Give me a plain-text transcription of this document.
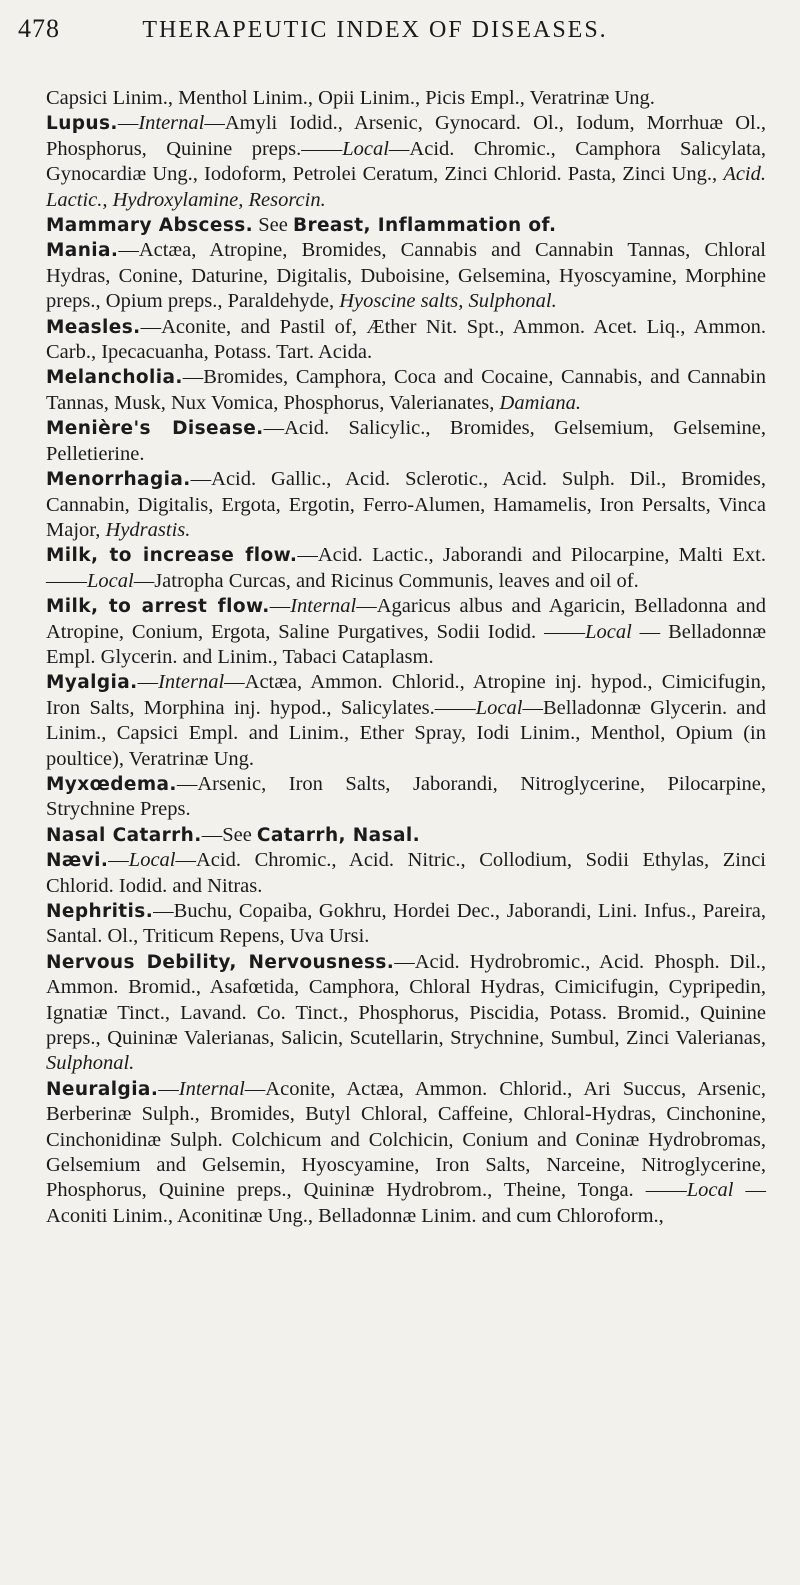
478	THERAPEUTIC INDEX OF DISEASES.

Capsici Linim., Menthol Linim., Opii Linim., Picis Empl., Veratrinæ Ung.

Lupus.—Internal—Amyli Iodid., Arsenic, Gynocard. Ol., Iodum, Morrhuæ Ol., Phosphorus, Quinine preps.——Local—Acid. Chromic., Camphora Salicylata, Gynocardiæ Ung., Iodoform, Petrolei Ceratum, Zinci Chlorid. Pasta, Zinci Ung., Acid. Lactic., Hydroxylamine, Resorcin.

Mammary Abscess. See Breast, Inflammation of.

Mania.—Actæa, Atropine, Bromides, Cannabis and Cannabin Tannas, Chloral Hydras, Conine, Daturine, Digitalis, Duboisine, Gelsemina, Hyoscyamine, Morphine preps., Opium preps., Paraldehyde, Hyoscine salts, Sulphonal.

Measles.—Aconite, and Pastil of, Æther Nit. Spt., Ammon. Acet. Liq., Ammon. Carb., Ipecacuanha, Potass. Tart. Acida.

Melancholia.—Bromides, Camphora, Coca and Cocaine, Cannabis, and Cannabin Tannas, Musk, Nux Vomica, Phosphorus, Valerianates, Damiana.

Menière's Disease.—Acid. Salicylic., Bromides, Gelsemium, Gelsemine, Pelletierine.

Menorrhagia.—Acid. Gallic., Acid. Sclerotic., Acid. Sulph. Dil., Bromides, Cannabin, Digitalis, Ergota, Ergotin, Ferro-Alumen, Hamamelis, Iron Persalts, Vinca Major, Hydrastis.

Milk, to increase flow.—Acid. Lactic., Jaborandi and Pilocarpine, Malti Ext.——Local—Jatropha Curcas, and Ricinus Communis, leaves and oil of.

Milk, to arrest flow.—Internal—Agaricus albus and Agaricin, Belladonna and Atropine, Conium, Ergota, Saline Purgatives, Sodii Iodid. ——Local — Belladonnæ Empl. Glycerin. and Linim., Tabaci Cataplasm.

Myalgia.—Internal—Actæa, Ammon. Chlorid., Atropine inj. hypod., Cimicifugin, Iron Salts, Morphina inj. hypod., Salicylates.——Local—Belladonnæ Glycerin. and Linim., Capsici Empl. and Linim., Ether Spray, Iodi Linim., Menthol, Opium (in poultice), Veratrinæ Ung.

Myxœdema.—Arsenic, Iron Salts, Jaborandi, Nitroglycerine, Pilocarpine, Strychnine Preps.

Nasal Catarrh.—See Catarrh, Nasal.

Nævi.—Local—Acid. Chromic., Acid. Nitric., Collodium, Sodii Ethylas, Zinci Chlorid. Iodid. and Nitras.

Nephritis.—Buchu, Copaiba, Gokhru, Hordei Dec., Jaborandi, Lini. Infus., Pareira, Santal. Ol., Triticum Repens, Uva Ursi.

Nervous Debility, Nervousness.—Acid. Hydrobromic., Acid. Phosph. Dil., Ammon. Bromid., Asafœtida, Camphora, Chloral Hydras, Cimicifugin, Cypripedin, Ignatiæ Tinct., Lavand. Co. Tinct., Phosphorus, Piscidia, Potass. Bromid., Quinine preps., Quininæ Valerianas, Salicin, Scutellarin, Strychnine, Sumbul, Zinci Valerianas, Sulphonal.

Neuralgia.—Internal—Aconite, Actæa, Ammon. Chlorid., Ari Succus, Arsenic, Berberinæ Sulph., Bromides, Butyl Chloral, Caffeine, Chloral-Hydras, Cinchonine, Cinchonidinæ Sulph. Colchicum and Colchicin, Conium and Coninæ Hydrobromas, Gelsemium and Gelsemin, Hyoscyamine, Iron Salts, Narceine, Nitroglycerine, Phosphorus, Quinine preps., Quininæ Hydrobrom., Theine, Tonga. ——Local — Aconiti Linim., Aconitinæ Ung., Belladonnæ Linim. and cum Chloroform.,
